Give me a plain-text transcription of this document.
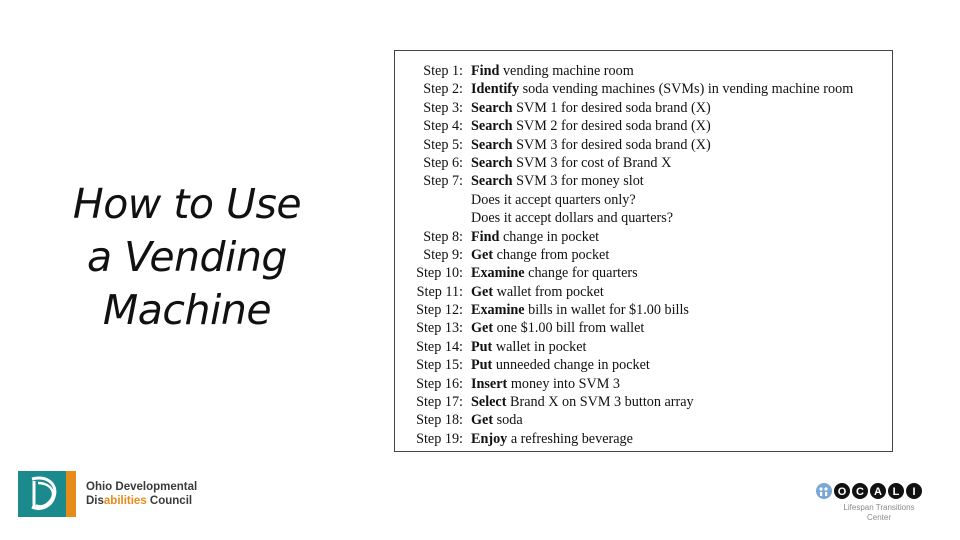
How to Use
a Vending
Machine
Step 1: Find vending machine room
Step 2: Identify soda vending machines (SVMs) in vending machine room
Step 3: Search SVM 1 for desired soda brand (X)
Step 4: Search SVM 2 for desired soda brand (X)
Step 5: Search SVM 3 for desired soda brand (X)
Step 6: Search SVM 3 for cost of Brand X
Step 7: Search SVM 3 for money slot
Does it accept quarters only?
Does it accept dollars and quarters?
Step 8: Find change in pocket
Step 9: Get change from pocket
Step 10: Examine change for quarters
Step 11: Get wallet from pocket
Step 12: Examine bills in wallet for $1.00 bills
Step 13: Get one $1.00 bill from wallet
Step 14: Put wallet in pocket
Step 15: Put unneeded change in pocket
Step 16: Insert money into SVM 3
Step 17: Select Brand X on SVM 3 button array
Step 18: Get soda
Step 19: Enjoy a refreshing beverage
Ohio Developmental
Disabilities Council
O C A L I
Lifespan Transitions
Center
